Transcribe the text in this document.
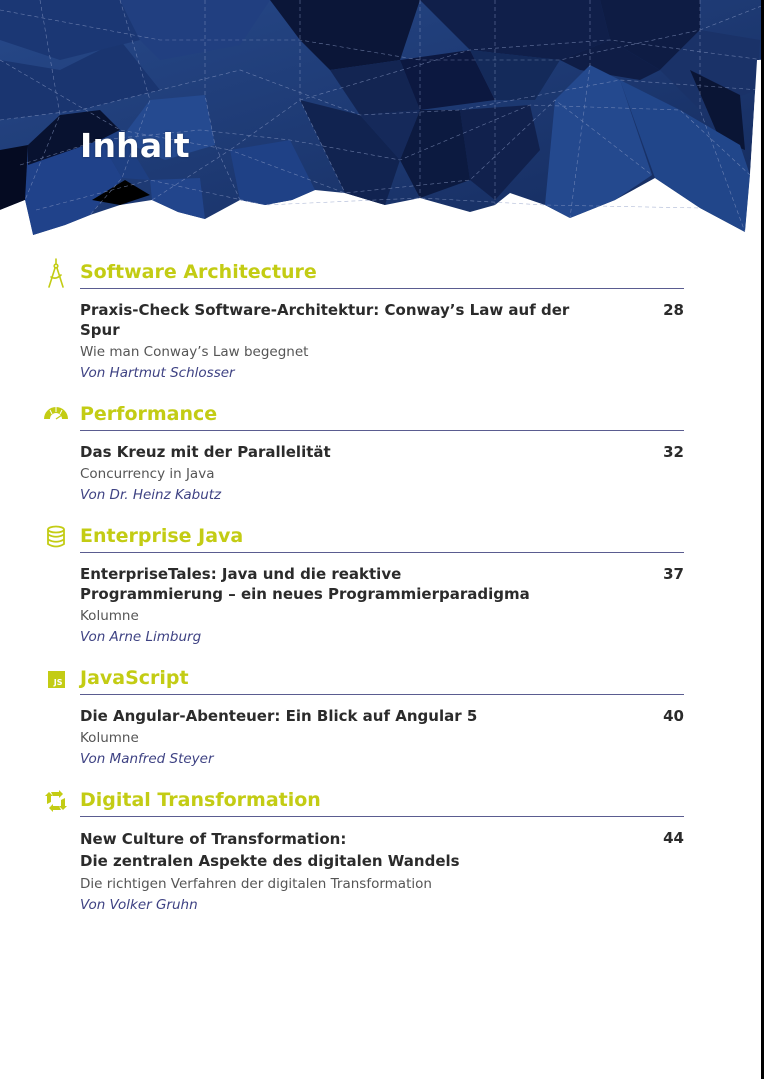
Inhalt
Software Architecture
Praxis-Check Software-Architektur: Conway’s Law auf der Spur
28
Wie man Conway’s Law begegnet
Von Hartmut Schlosser
Performance
Das Kreuz mit der Parallelität	32
Concurrency in Java
Von Dr. Heinz Kabutz
Enterprise Java
EnterpriseTales: Java und die reaktive
Programmierung – ein neues Programmierparadigma
37
Kolumne
Von Arne Limburg
JS JavaScript
Die Angular-Abenteuer: Ein Blick auf Angular 5	40
Kolumne
Von Manfred Steyer
Digital Transformation
New Culture of Transformation:
Die zentralen Aspekte des digitalen Wandels
44
Die richtigen Verfahren der digitalen Transformation
Von Volker Gruhn
